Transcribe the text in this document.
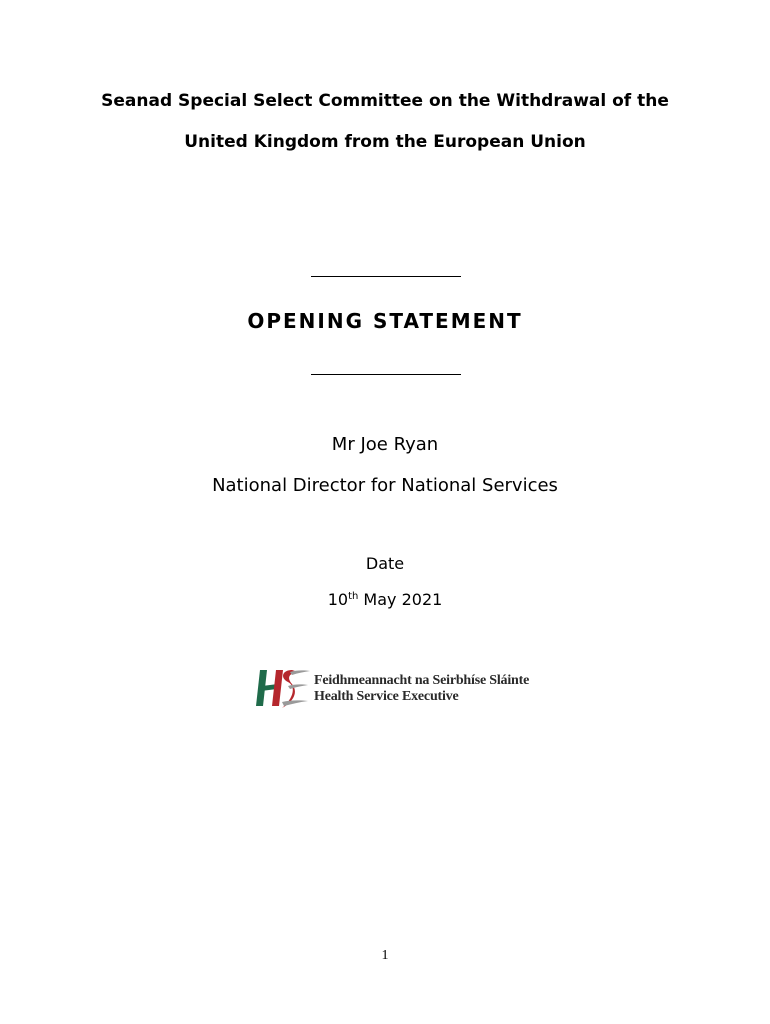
Seanad Special Select Committee on the Withdrawal of the
United Kingdom from the European Union
OPENING STATEMENT
Mr Joe Ryan
National Director for National Services
Date
10th May 2021
Feidhmeannacht na Seirbhíse Sláinte
Health Service Executive
1
